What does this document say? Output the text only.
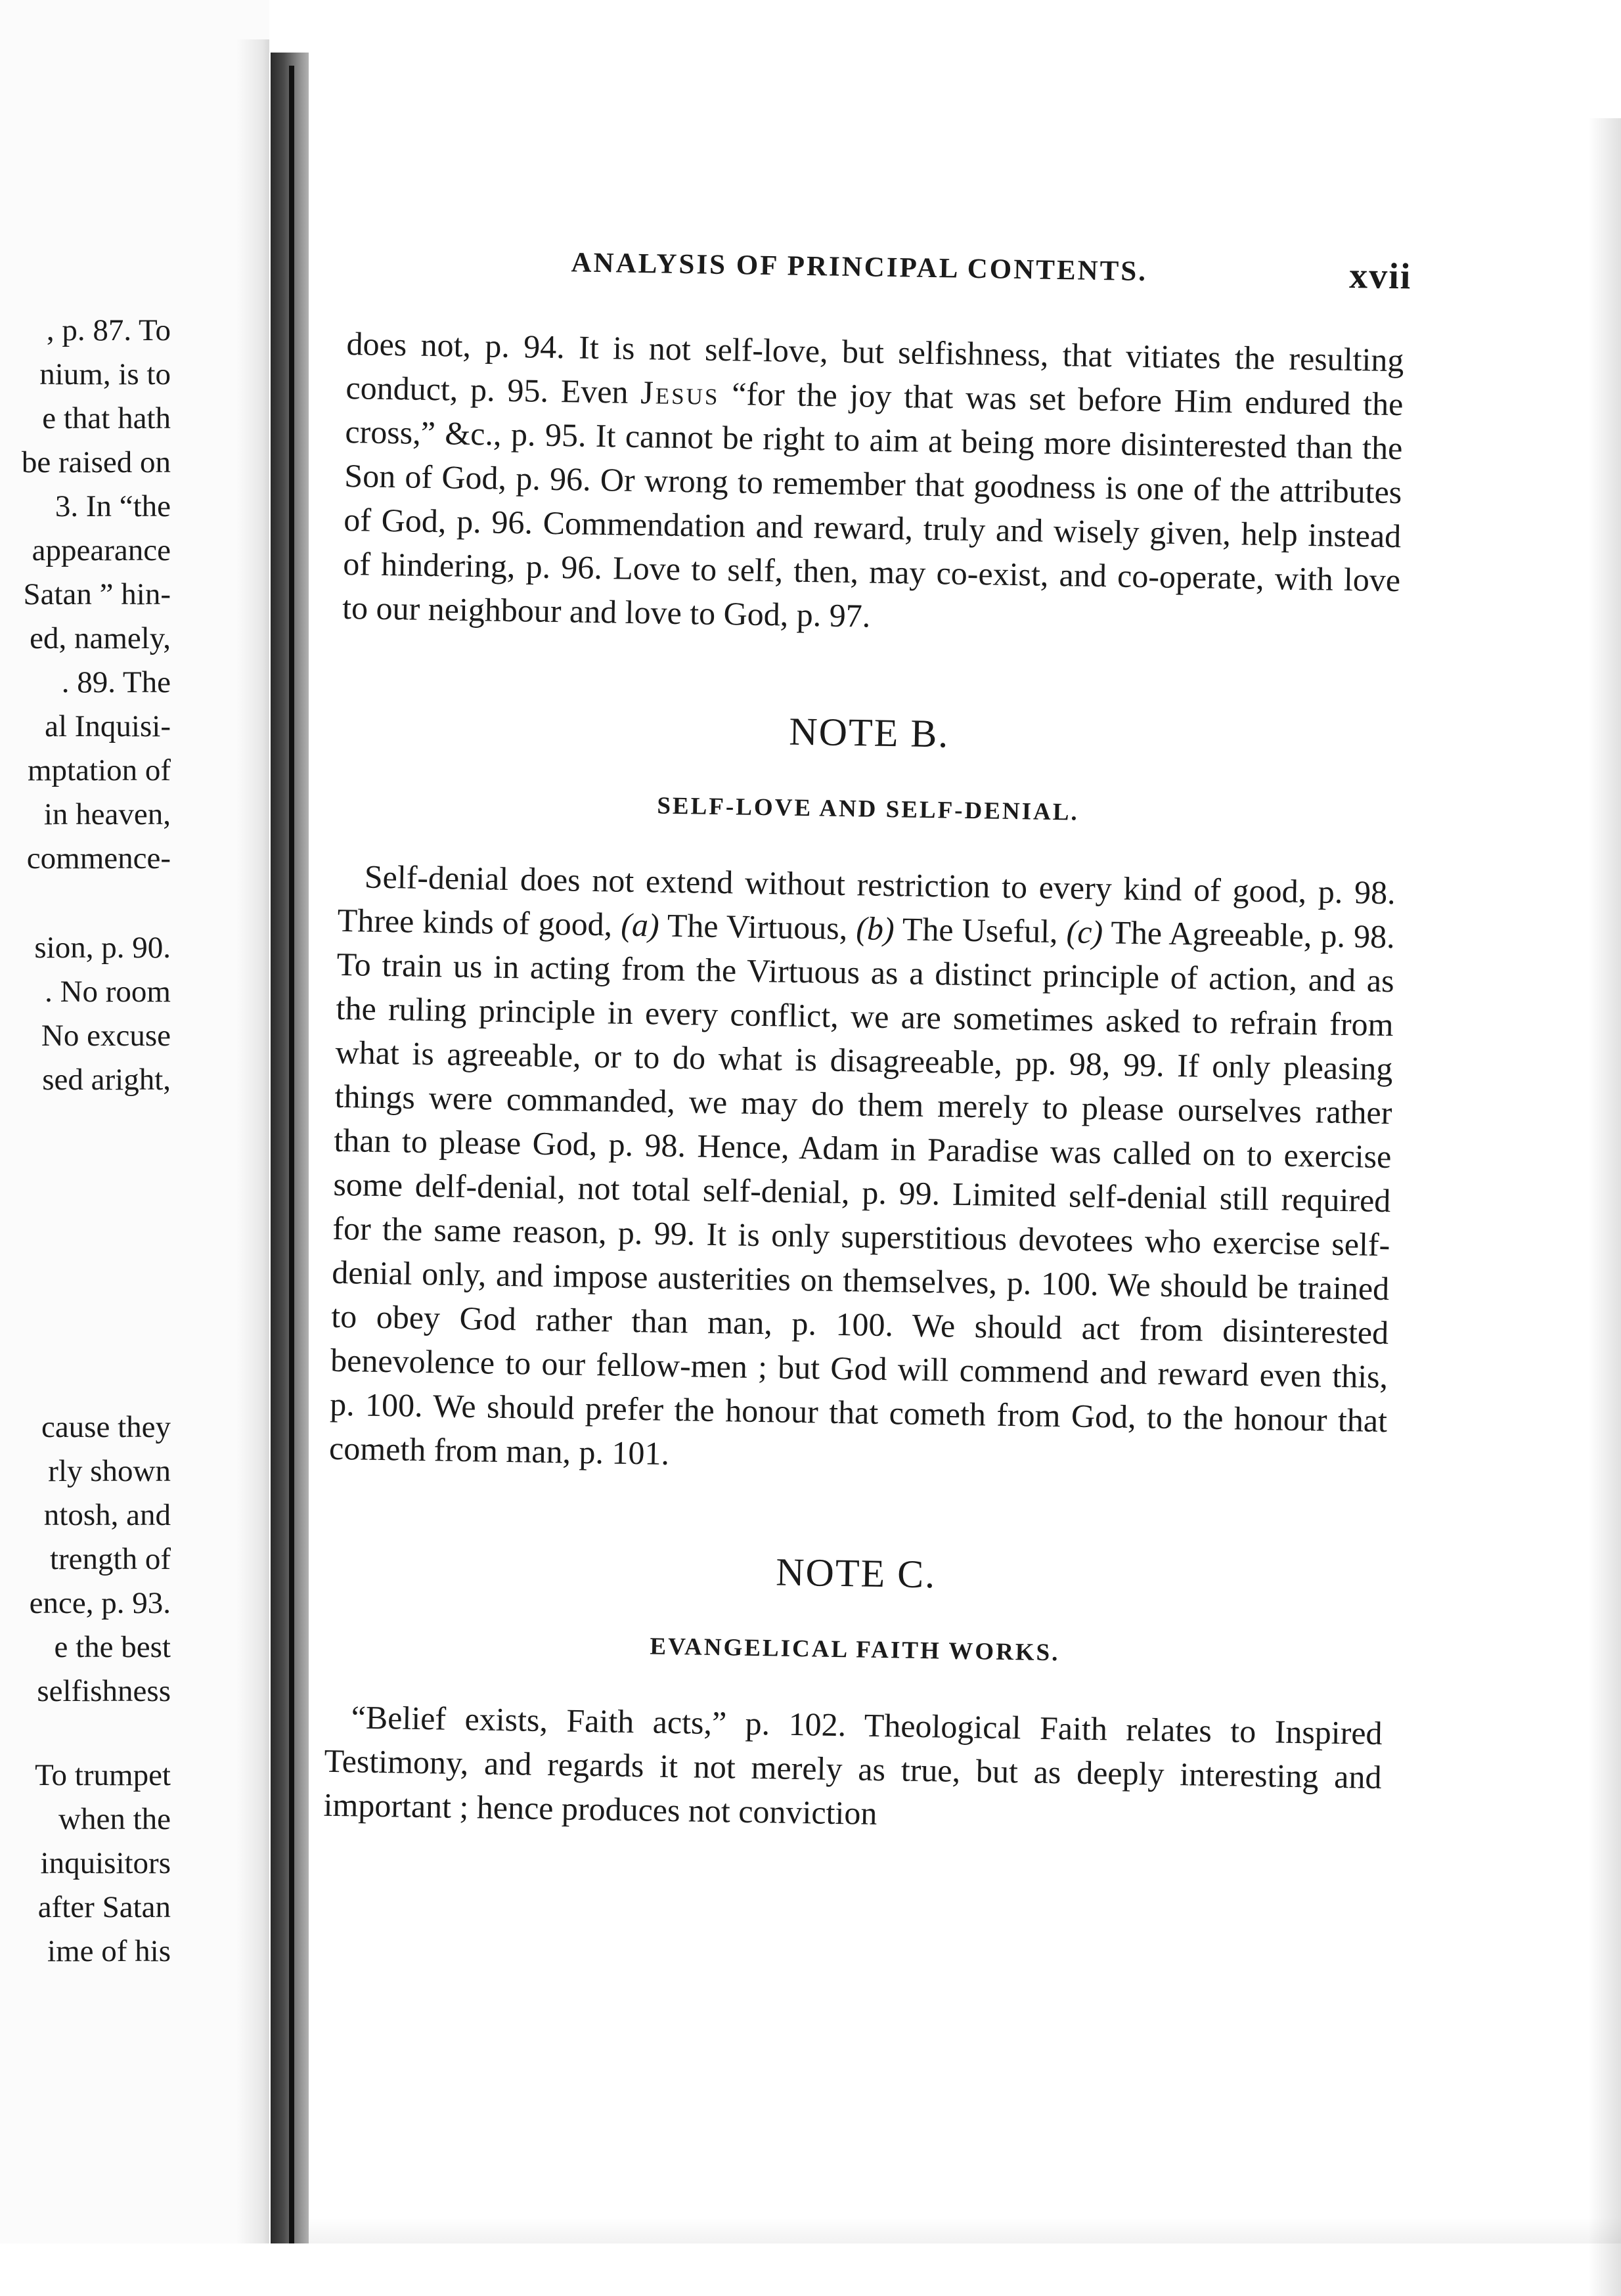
, p. 87. To
nium, is to
e that hath
be raised on
3. In “the
appearance
Satan ” hin-
ed, namely,
. 89. The
al Inquisi-
mptation of
in heaven,
commence-
sion, p. 90.
. No room
No excuse
sed aright,
cause they
rly shown
ntosh, and
trength of
ence, p. 93.
e the best
selfishness
To trumpet
when the
inquisitors
after Satan
ime of his
ANALYSIS OF PRINCIPAL CONTENTS.	xvii

does not, p. 94. It is not self-love, but selfishness, that vitiates the resulting conduct, p. 95. Even Jesus “for the joy that was set before Him endured the cross,” &c., p. 95. It cannot be right to aim at being more disinterested than the Son of God, p. 96. Or wrong to remember that goodness is one of the attributes of God, p. 96. Commendation and reward, truly and wisely given, help instead of hindering, p. 96. Love to self, then, may co-exist, and co-operate, with love to our neighbour and love to God, p. 97.

NOTE B.
SELF-LOVE AND SELF-DENIAL.

Self-denial does not extend without restriction to every kind of good, p. 98. Three kinds of good, (a) The Virtuous, (b) The Useful, (c) The Agreeable, p. 98. To train us in acting from the Virtuous as a distinct principle of action, and as the ruling principle in every conflict, we are sometimes asked to refrain from what is agreeable, or to do what is disagreeable, pp. 98, 99. If only pleasing things were commanded, we may do them merely to please ourselves rather than to please God, p. 98. Hence, Adam in Paradise was called on to exercise some delf-denial, not total self-denial, p. 99. Limited self-denial still required for the same reason, p. 99. It is only superstitious devotees who exercise self-denial only, and impose austerities on themselves, p. 100. We should be trained to obey God rather than man, p. 100. We should act from disinterested benevolence to our fellow-men ; but God will commend and reward even this, p. 100. We should prefer the honour that cometh from God, to the honour that cometh from man, p. 101.

NOTE C.
EVANGELICAL FAITH WORKS.

“Belief exists, Faith acts,” p. 102. Theological Faith relates to Inspired Testimony, and regards it not merely as true, but as deeply interesting and important ; hence produces not conviction
